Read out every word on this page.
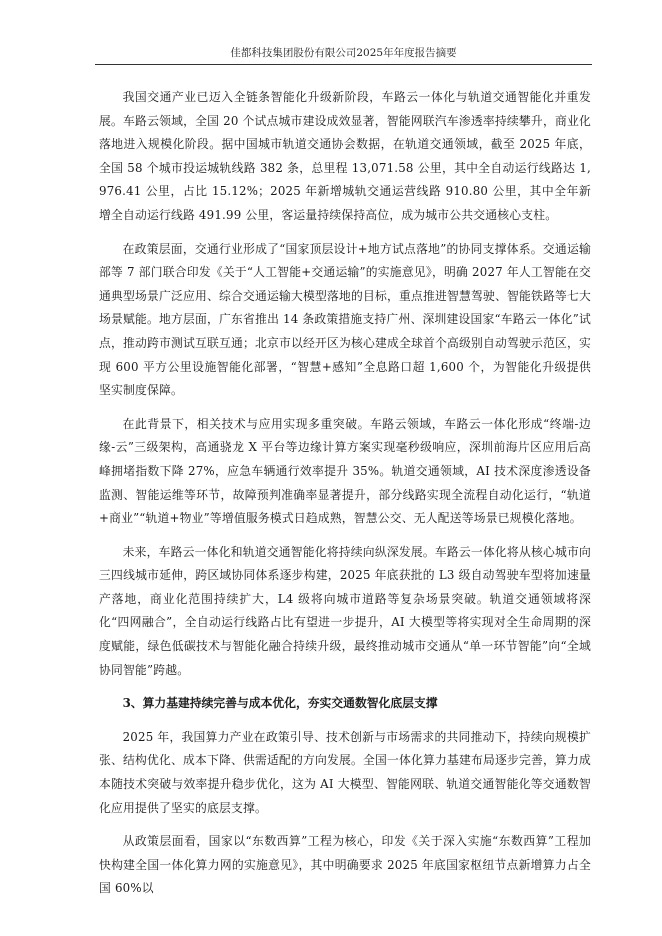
佳都科技集团股份有限公司2025年年度报告摘要

我国交通产业已迈入全链条智能化升级新阶段，车路云一体化与轨道交通智能化并重发展。车路云领域，全国 20 个试点城市建设成效显著，智能网联汽车渗透率持续攀升，商业化落地进入规模化阶段。据中国城市轨道交通协会数据，在轨道交通领域，截至 2025 年底，全国 58 个城市投运城轨线路 382 条，总里程 13,071.58 公里，其中全自动运行线路达 1,976.41 公里，占比 15.12%；2025 年新增城轨交通运营线路 910.80 公里，其中全年新增全自动运行线路 491.99 公里，客运量持续保持高位，成为城市公共交通核心支柱。

在政策层面，交通行业形成了“国家顶层设计+地方试点落地”的协同支撑体系。交通运输部等 7 部门联合印发《关于“人工智能+交通运输”的实施意见》，明确 2027 年人工智能在交通典型场景广泛应用、综合交通运输大模型落地的目标，重点推进智慧驾驶、智能铁路等七大场景赋能。地方层面，广东省推出 14 条政策措施支持广州、深圳建设国家“车路云一体化”试点，推动跨市测试互联互通；北京市以经开区为核心建成全球首个高级别自动驾驶示范区，实现 600 平方公里设施智能化部署，“智慧+感知”全息路口超 1,600 个，为智能化升级提供坚实制度保障。

在此背景下，相关技术与应用实现多重突破。车路云领域，车路云一体化形成“终端-边缘-云”三级架构，高通骁龙 X 平台等边缘计算方案实现毫秒级响应，深圳前海片区应用后高峰拥堵指数下降 27%，应急车辆通行效率提升 35%。轨道交通领域，AI 技术深度渗透设备监测、智能运维等环节，故障预判准确率显著提升，部分线路实现全流程自动化运行，“轨道+商业”“轨道+物业”等增值服务模式日趋成熟，智慧公交、无人配送等场景已规模化落地。

未来，车路云一体化和轨道交通智能化将持续向纵深发展。车路云一体化将从核心城市向三四线城市延伸，跨区域协同体系逐步构建，2025 年底获批的 L3 级自动驾驶车型将加速量产落地，商业化范围持续扩大，L4 级将向城市道路等复杂场景突破。轨道交通领域将深化“四网融合”，全自动运行线路占比有望进一步提升，AI 大模型等将实现对全生命周期的深度赋能，绿色低碳技术与智能化融合持续升级，最终推动城市交通从“单一环节智能”向“全域协同智能”跨越。

3、算力基建持续完善与成本优化，夯实交通数智化底层支撑

2025 年，我国算力产业在政策引导、技术创新与市场需求的共同推动下，持续向规模扩张、结构优化、成本下降、供需适配的方向发展。全国一体化算力基建布局逐步完善，算力成本随技术突破与效率提升稳步优化，这为 AI 大模型、智能网联、轨道交通智能化等交通数智化应用提供了坚实的底层支撑。

从政策层面看，国家以“东数西算”工程为核心，印发《关于深入实施“东数西算”工程加快构建全国一体化算力网的实施意见》，其中明确要求 2025 年底国家枢纽节点新增算力占全国 60%以
